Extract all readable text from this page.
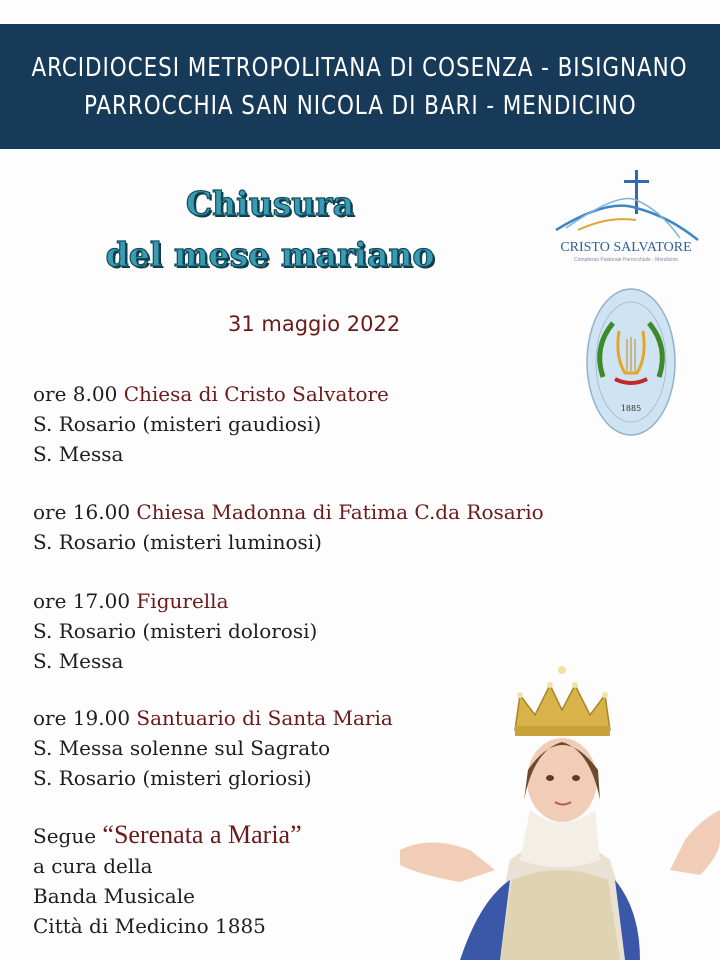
ARCIDIOCESI METROPOLITANA DI COSENZA - BISIGNANO
PARROCCHIA SAN NICOLA DI BARI - MENDICINO
Chiusura
del mese mariano	CRISTO SALVATORE
Complesso Pastorale Parrocchiale - Mendicino
1885
31 maggio 2022
ore 8.00 Chiesa di Cristo Salvatore
S. Rosario (misteri gaudiosi)
S. Messa
ore 16.00 Chiesa Madonna di Fatima C.da Rosario
S. Rosario (misteri luminosi)
ore 17.00 Figurella
S. Rosario (misteri dolorosi)
S. Messa
ore 19.00 Santuario di Santa Maria
S. Messa solenne sul Sagrato
S. Rosario (misteri gloriosi)
Segue “Serenata a Maria”
a cura della
Banda Musicale
Città di Medicino 1885
